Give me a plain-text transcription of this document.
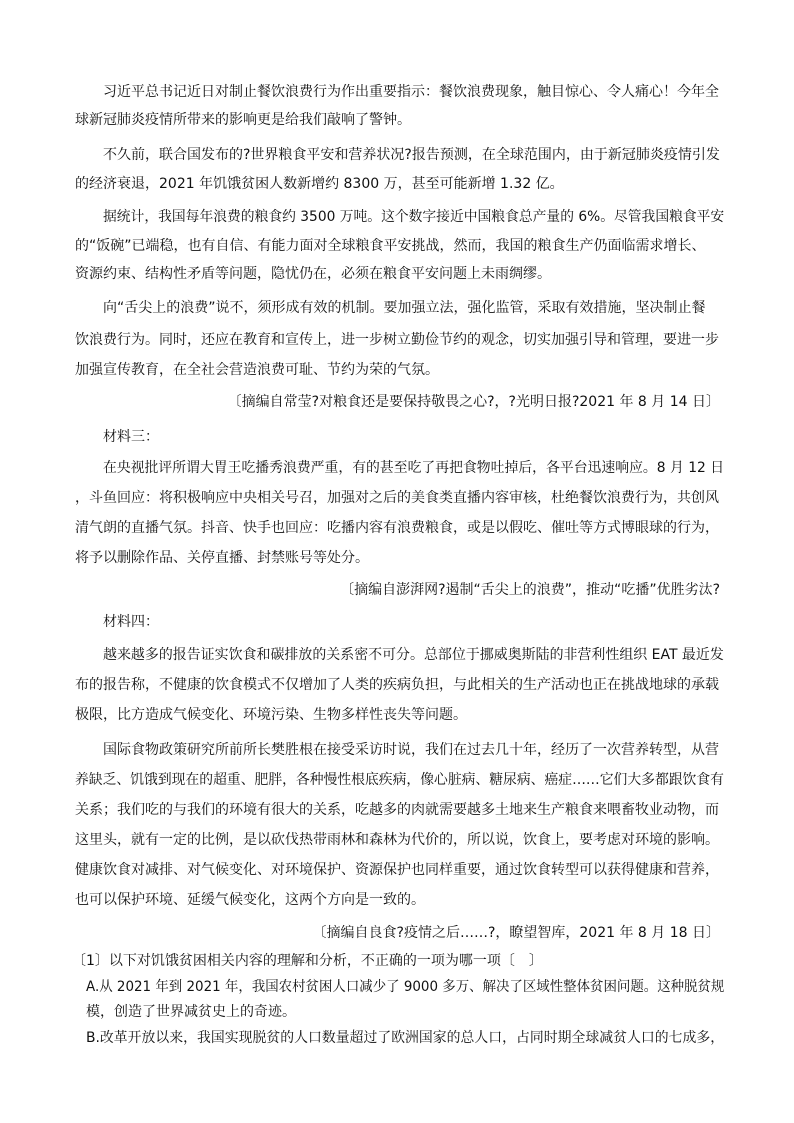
习近平总书记近日对制止餐饮浪费行为作出重要指示：餐饮浪费现象，触目惊心、令人痛心！今年全
球新冠肺炎疫情所带来的影响更是给我们敲响了警钟。
不久前，联合国发布的?世界粮食平安和营养状况?报告预测，在全球范围内，由于新冠肺炎疫情引发
的经济衰退，2021 年饥饿贫困人数新增约 8300 万，甚至可能新增 1.32 亿。
据统计，我国每年浪费的粮食约 3500 万吨。这个数字接近中国粮食总产量的 6%。尽管我国粮食平安
的“饭碗”已端稳，也有自信、有能力面对全球粮食平安挑战，然而，我国的粮食生产仍面临需求增长、
资源约束、结构性矛盾等问题，隐忧仍在，必须在粮食平安问题上未雨绸缪。
向“舌尖上的浪费”说不，须形成有效的机制。要加强立法，强化监管，采取有效措施，坚决制止餐
饮浪费行为。同时，还应在教育和宣传上，进一步树立勤俭节约的观念，切实加强引导和管理，要进一步
加强宣传教育，在全社会营造浪费可耻、节约为荣的气氛。
〔摘编自常莹?对粮食还是要保持敬畏之心?，?光明日报?2021 年 8 月 14 日〕
材料三：
在央视批评所谓大胃王吃播秀浪费严重，有的甚至吃了再把食物吐掉后，各平台迅速响应。8 月 12 日
，斗鱼回应：将积极响应中央相关号召，加强对之后的美食类直播内容审核，杜绝餐饮浪费行为，共创风
清气朗的直播气氛。抖音、快手也回应：吃播内容有浪费粮食，或是以假吃、催吐等方式博眼球的行为，
将予以删除作品、关停直播、封禁账号等处分。
〔摘编自澎湃网?遏制“舌尖上的浪费”，推动“吃播”优胜劣汰?
材料四：
越来越多的报告证实饮食和碳排放的关系密不可分。总部位于挪威奥斯陆的非营利性组织 EAT 最近发
布的报告称，不健康的饮食模式不仅增加了人类的疾病负担，与此相关的生产活动也正在挑战地球的承载
极限，比方造成气候变化、环境污染、生物多样性丧失等问题。
国际食物政策研究所前所长樊胜根在接受采访时说，我们在过去几十年，经历了一次营养转型，从营
养缺乏、饥饿到现在的超重、肥胖，各种慢性根底疾病，像心脏病、糖尿病、癌症……它们大多都跟饮食有
关系；我们吃的与我们的环境有很大的关系，吃越多的肉就需要越多土地来生产粮食来喂畜牧业动物，而
这里头，就有一定的比例，是以砍伐热带雨林和森林为代价的，所以说，饮食上，要考虑对环境的影响。
健康饮食对减排、对气候变化、对环境保护、资源保护也同样重要，通过饮食转型可以获得健康和营养，
也可以保护环境、延缓气候变化，这两个方向是一致的。
〔摘编自良食?疫情之后……?，瞭望智库，2021 年 8 月 18 日〕
〔1〕以下对饥饿贫困相关内容的理解和分析，不正确的一项为哪一项〔　〕
A.从 2021 年到 2021 年，我国农村贫困人口减少了 9000 多万、解决了区域性整体贫困问题。这种脱贫规
模，创造了世界减贫史上的奇迹。
B.改革开放以来，我国实现脱贫的人口数量超过了欧洲国家的总人口，占同时期全球减贫人口的七成多，
